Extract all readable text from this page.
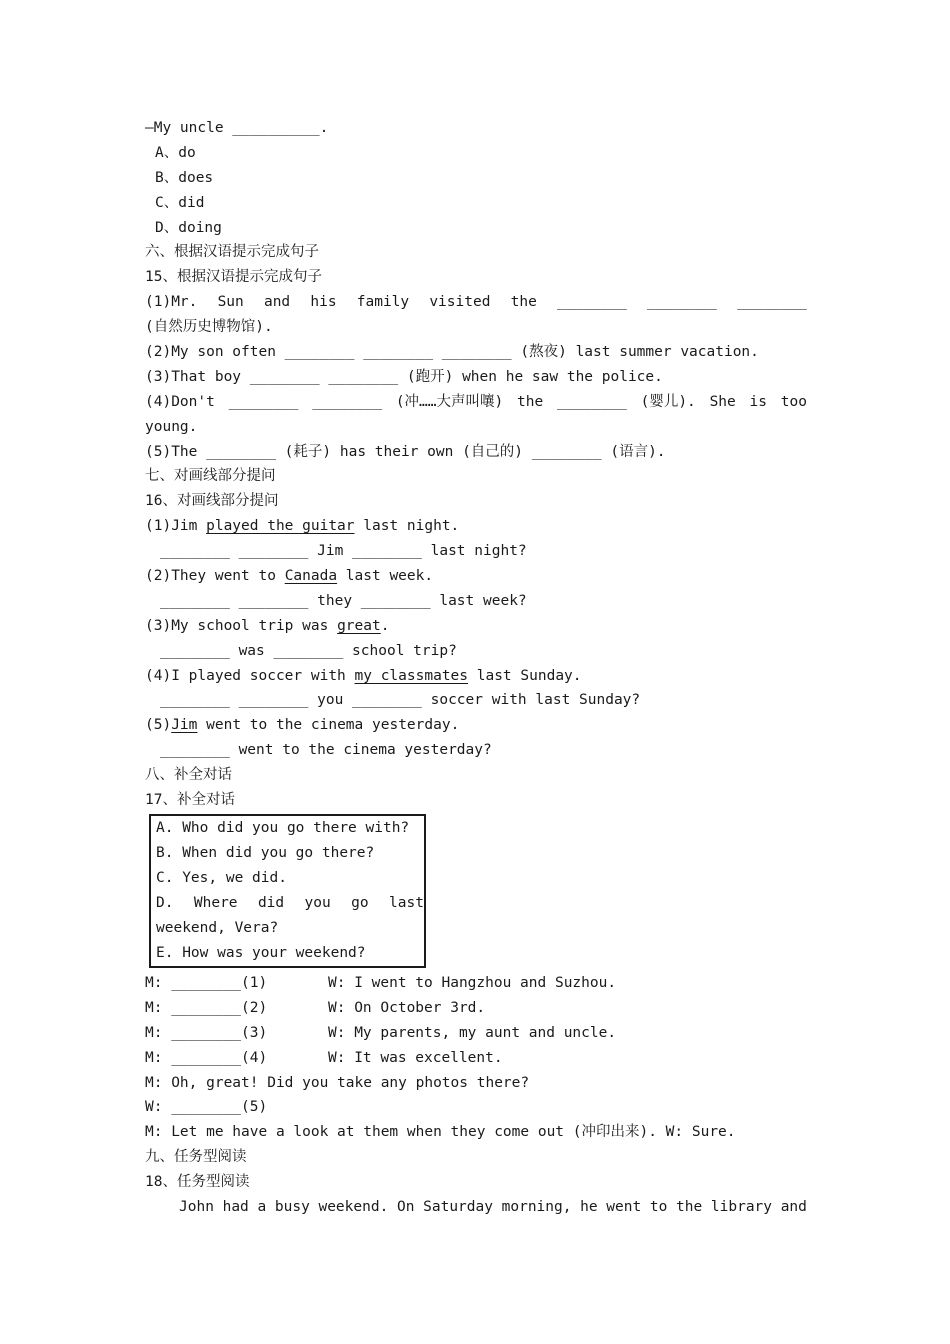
—My uncle __________.
A、do
B、does
C、did
D、doing
六、根据汉语提示完成句子
15、根据汉语提示完成句子
(1)Mr. Sun and his family visited the ________ ________ ________
(自然历史博物馆).
(2)My son often ________ ________ ________ (熬夜) last summer vacation.
(3)That boy ________ ________ (跑开) when he saw the police.
(4)Don't ________ ________ (冲……大声叫嚷) the ________ (婴儿). She is too
young.
(5)The ________ (耗子) has their own (自己的) ________ (语言).
七、对画线部分提问
16、对画线部分提问
(1)Jim played the guitar last night.
________ ________ Jim ________ last night?
(2)They went to Canada last week.
________ ________ they ________ last week?
(3)My school trip was great.
________ was ________ school trip?
(4)I played soccer with my classmates last Sunday.
________ ________ you ________ soccer with last Sunday?
(5)Jim went to the cinema yesterday.
________ went to the cinema yesterday?
八、补全对话
17、补全对话
A. Who did you go there with?
B. When did you go there?
C. Yes, we did.
D. Where did you go last
weekend, Vera?
E. How was your weekend?
M: ________(1)	W: I went to Hangzhou and Suzhou.
M: ________(2)	W: On October 3rd.
M: ________(3)	W: My parents, my aunt and uncle.
M: ________(4)	W: It was excellent.
M: Oh, great! Did you take any photos there?
W: ________(5)
M: Let me have a look at them when they come out (冲印出来). W: Sure.
九、任务型阅读
18、任务型阅读
John had a busy weekend. On Saturday morning, he went to the library and
